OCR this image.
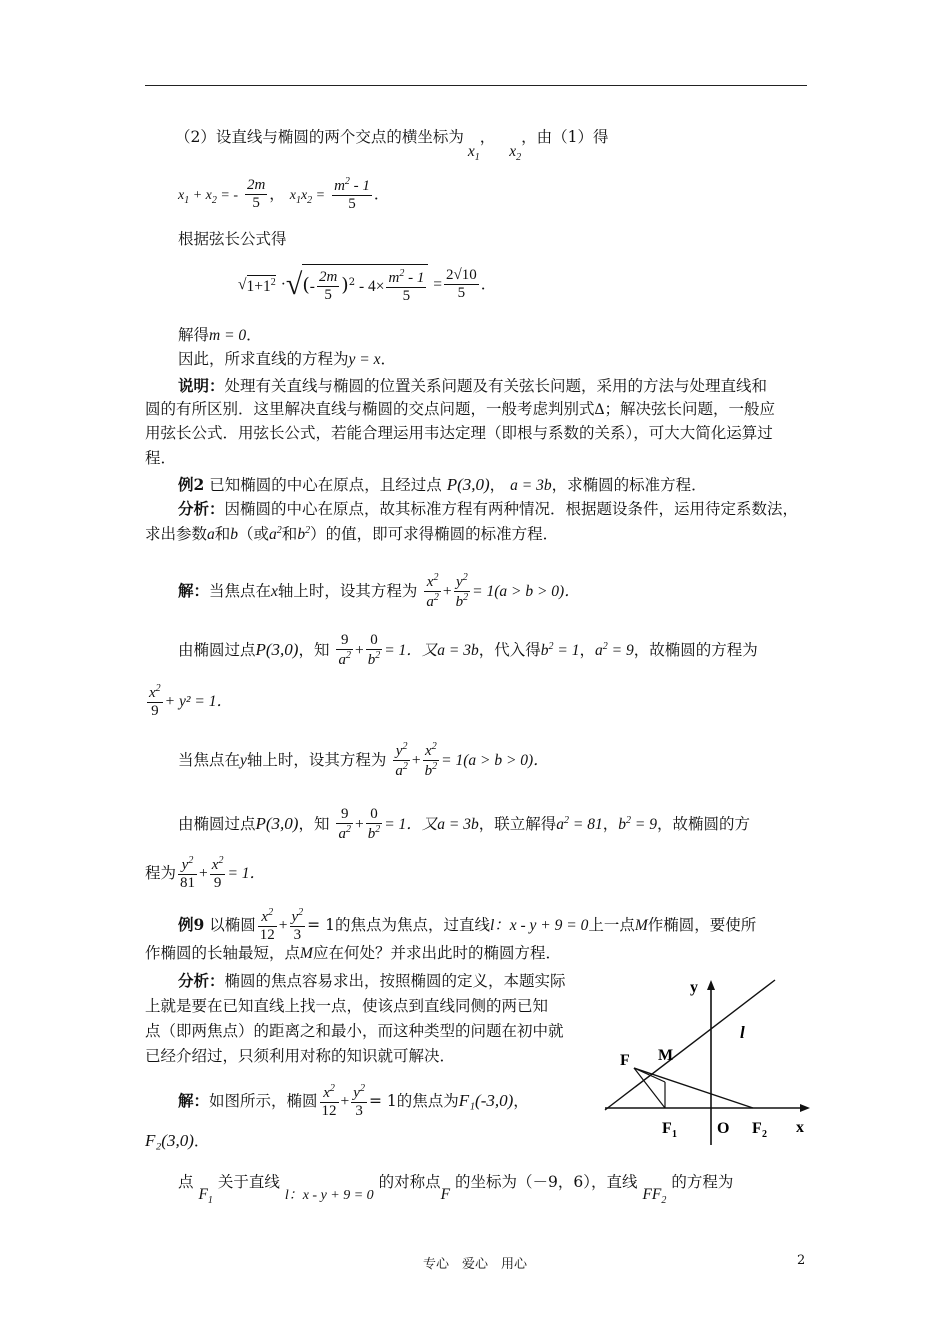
（2）设直线与椭圆的两个交点的横坐标为$x_1$，$x_2$，由（1）得
$x_1 + x_2$ = - $\frac{2m}{5}$ ， $x_1x_2 = \frac{m^2 - 1}{5}$ ．
根据弦长公式得
$√1+1^2$ ·√(- $\frac{2m}{5} )^2 - 4\times \frac{m^2 - 1}{5} = \frac{2√10}{5}$ ．
解得m = 0．
因此，所求直线的方程为y = x．
说明：处理有关直线与椭圆的位置关系问题及有关弦长问题，采用的方法与处理直线和
圆的有所区别．这里解决直线与椭圆的交点问题，一般考虑判别式Δ；解决弦长问题，一般应
用弦长公式．用弦长公式，若能合理运用韦达定理（即根与系数的关系），可大大简化运算过
程．
例2 已知椭圆的中心在原点，且经过点 P(3,0)， a = 3b，求椭圆的标准方程．
分析：因椭圆的中心在原点，故其标准方程有两种情况．根据题设条件，运用待定系数法，
求出参数a和b（或$a^2$和$b^2$）的值，即可求得椭圆的标准方程．
解：当焦点在x轴上时，设其方程为 $\frac{x^2}{a^2} + \frac{y^2}{b^2} = 1(a > b > 0)$．
由椭圆过点P(3,0)，知 $\frac{9}{a^2} + \frac{0}{b^2} = 1$．又a = 3b，代入得$b^2 = 1$，$a^2 = 9$，故椭圆的方程为
$\frac{x^2}{9} + y^2 = 1$．
当焦点在y轴上时，设其方程为 $\frac{y^2}{a^2} + \frac{x^2}{b^2} = 1(a > b > 0)$．
由椭圆过点P(3,0)，知 $\frac{9}{a^2} + \frac{0}{b^2} = 1$．又a = 3b，联立解得$a^2 = 81$，$b^2 = 9$，故椭圆的方
程为 $\frac{y^2}{81} + \frac{x^2}{9} = 1$．
例9 以椭圆 $\frac{x^2}{12} + \frac{y^2}{3} = 1$的焦点为焦点，过直线l：x - y + 9 = 0上一点M作椭圆，要使所
作椭圆的长轴最短，点M应在何处？并求出此时的椭圆方程．
分析：椭圆的焦点容易求出，按照椭圆的定义，本题实际
上就是要在已知直线上找一点，使该点到直线同侧的两已知
点（即两焦点）的距离之和最小，而这种类型的问题在初中就
已经介绍过，只须利用对称的知识就可解决．
解：如图所示，椭圆 $\frac{x^2}{12} + \frac{y^2}{3} = 1$的焦点为F₁(-3,0)，
F₂(3,0)．
点 $F_1$ 关于直线 l：x - y + 9 = 0 的对称点F 的坐标为（－9，6），直线 $FF_2$ 的方程为
y
x
l
F M
F 1	O F 2
专心　爱心　用心	2
